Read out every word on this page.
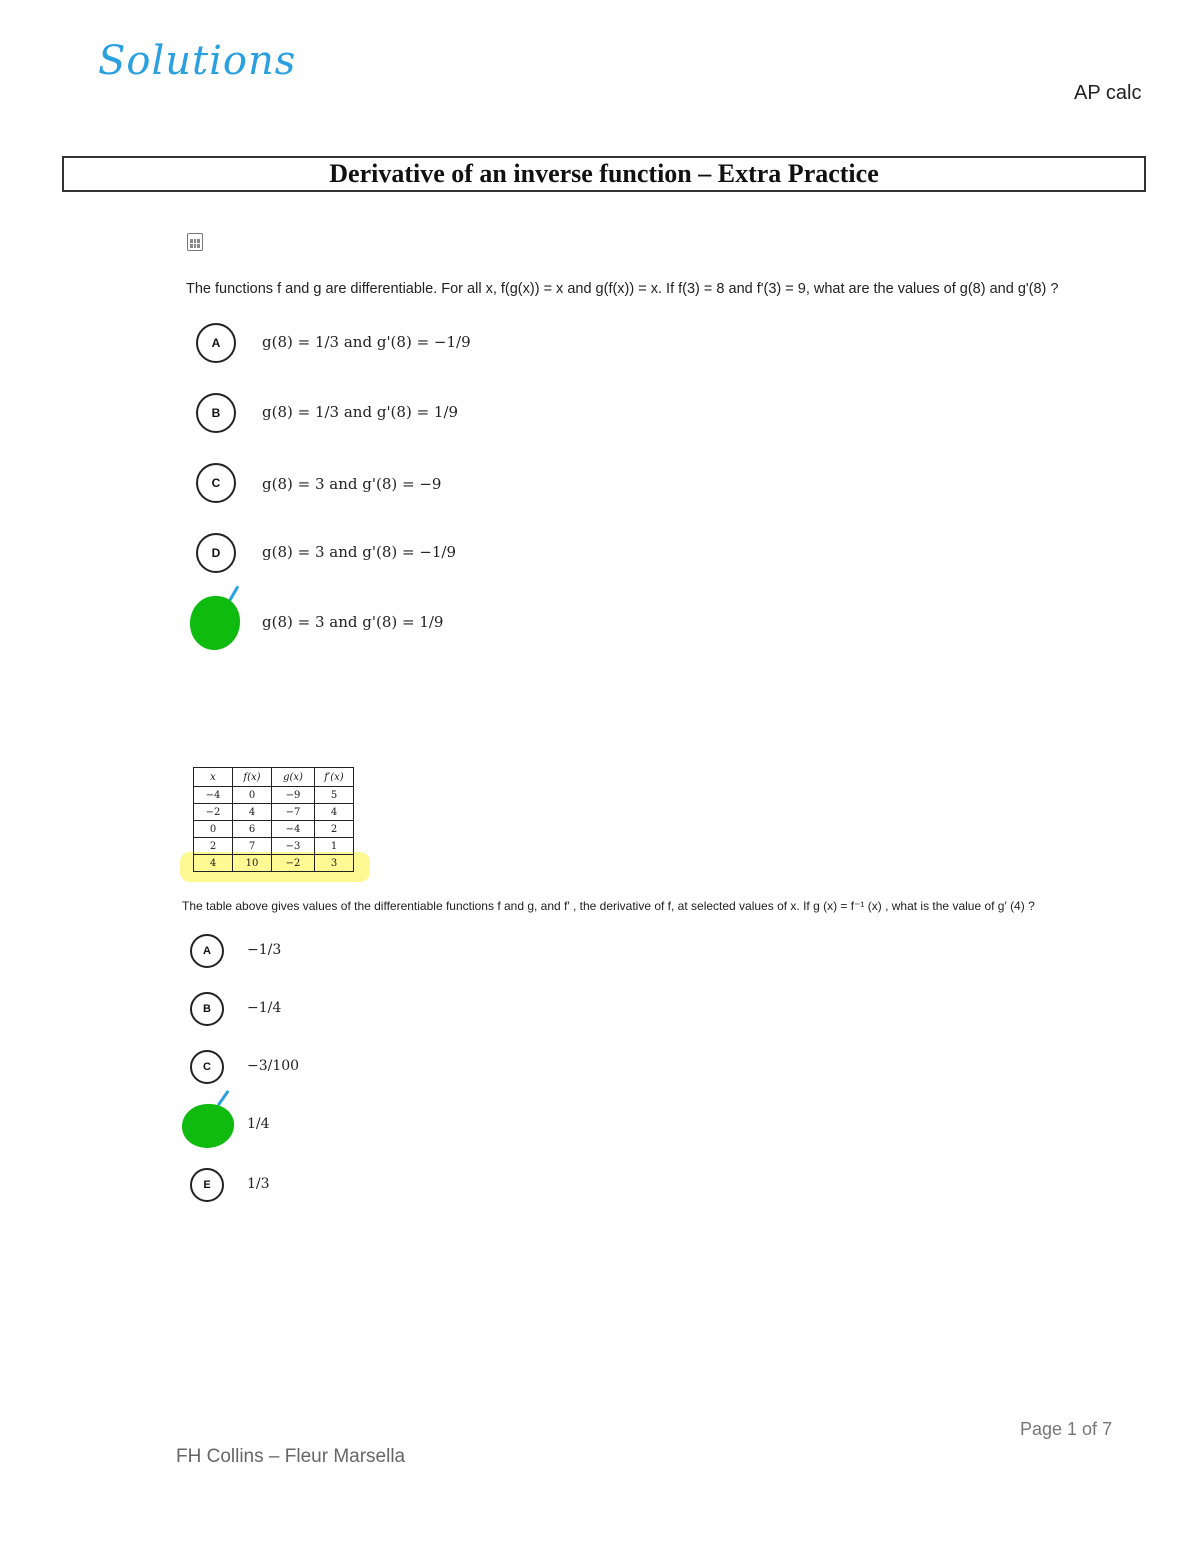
Solutions
AP calc
Derivative of an inverse function – Extra Practice
The functions f and g are differentiable. For all x, f(g(x)) = x and g(f(x)) = x. If f(3) = 8 and f'(3) = 9, what are the values of g(8) and g'(8) ?
A	g(8) = 1/3 and g'(8) = −1/9
B	g(8) = 1/3 and g'(8) = 1/9
C	g(8) = 3 and g'(8) = −9
D	g(8) = 3 and g'(8) = −1/9
g(8) = 3 and g'(8) = 1/9
x	f(x)	g(x)	f′(x)
−4	0	−9	5
−2	4	−7	4
0	6	−4	2
2	7	−3	1
4	10	−2	3
The table above gives values of the differentiable functions f and g, and f′ , the derivative of f, at selected values of x. If g (x) = f⁻¹ (x) , what is the value of g′ (4) ?
A	−1/3
B	−1/4
C	−3/100
1/4
E	1/3
Page 1 of 7
FH Collins – Fleur Marsella
